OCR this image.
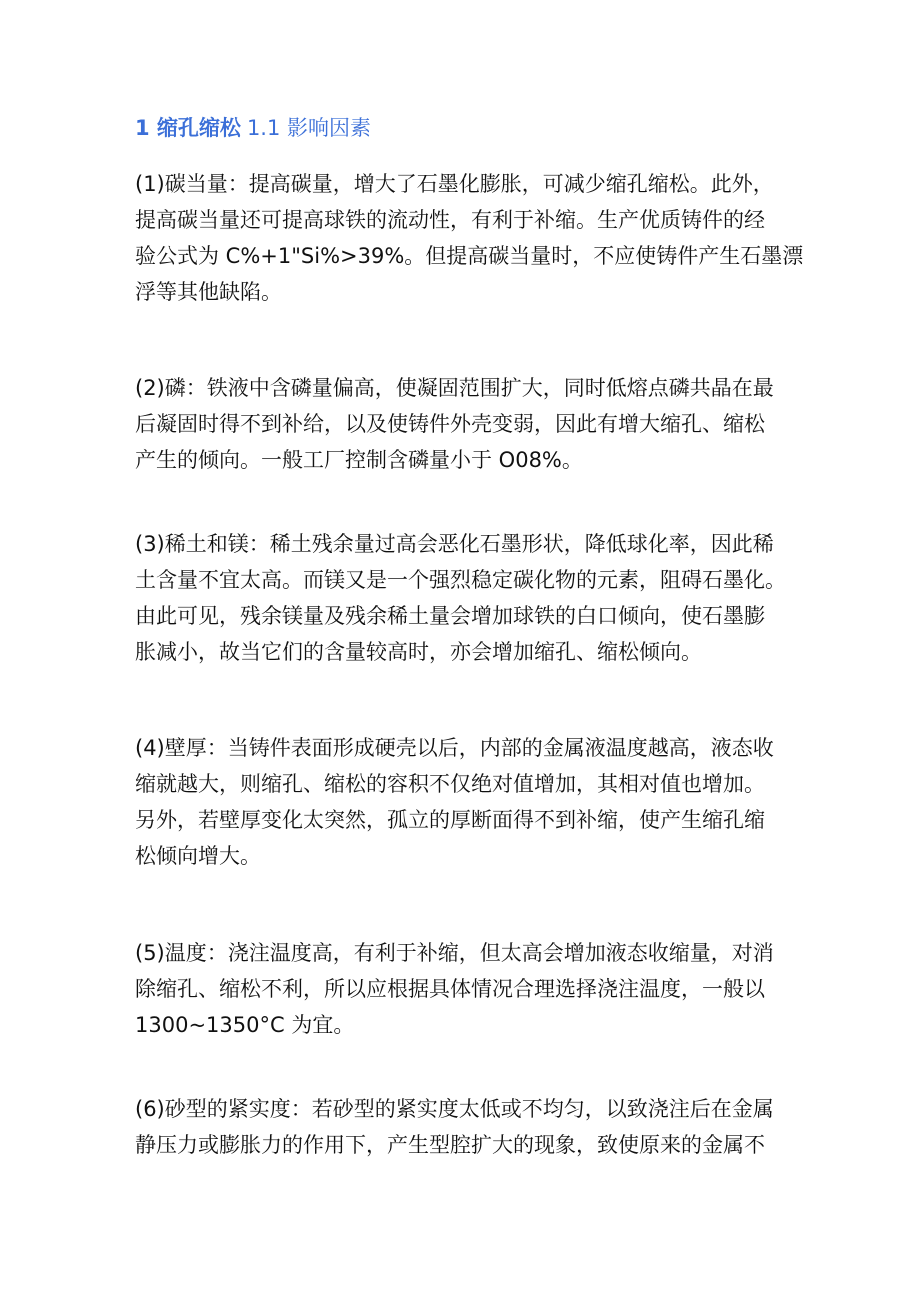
1 缩孔缩松 1.1 影响因素
(1)碳当量：提高碳量，增大了石墨化膨胀，可减少缩孔缩松。此外，
提高碳当量还可提高球铁的流动性，有利于补缩。生产优质铸件的经
验公式为 C%+1"Si%>39%。但提高碳当量时，不应使铸件产生石墨漂
浮等其他缺陷。
(2)磷：铁液中含磷量偏高，使凝固范围扩大，同时低熔点磷共晶在最
后凝固时得不到补给，以及使铸件外壳变弱，因此有增大缩孔、缩松
产生的倾向。一般工厂控制含磷量小于 O08%。
(3)稀土和镁：稀土残余量过高会恶化石墨形状，降低球化率，因此稀
土含量不宜太高。而镁又是一个强烈稳定碳化物的元素，阻碍石墨化。
由此可见，残余镁量及残余稀土量会增加球铁的白口倾向，使石墨膨
胀减小，故当它们的含量较高时，亦会增加缩孔、缩松倾向。
(4)壁厚：当铸件表面形成硬壳以后，内部的金属液温度越高，液态收
缩就越大，则缩孔、缩松的容积不仅绝对值增加，其相对值也增加。
另外，若壁厚变化太突然，孤立的厚断面得不到补缩，使产生缩孔缩
松倾向增大。
(5)温度：浇注温度高，有利于补缩，但太高会增加液态收缩量，对消
除缩孔、缩松不利，所以应根据具体情况合理选择浇注温度，一般以
1300~1350°C 为宜。
(6)砂型的紧实度：若砂型的紧实度太低或不均匀，以致浇注后在金属
静压力或膨胀力的作用下，产生型腔扩大的现象，致使原来的金属不
